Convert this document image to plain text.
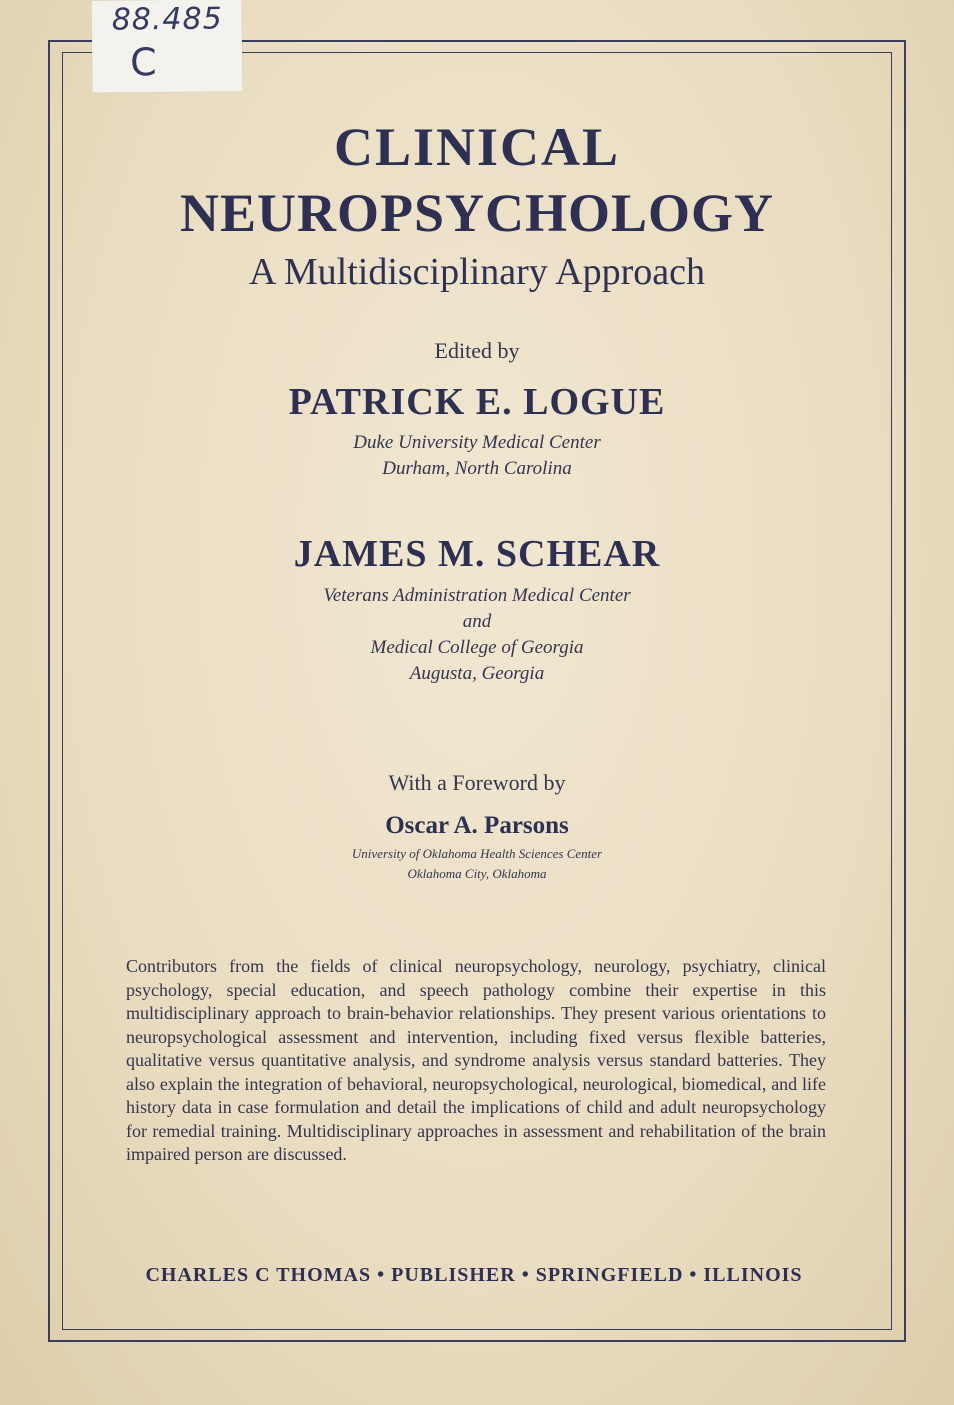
88.485
C
CLINICAL
NEUROPSYCHOLOGY
A Multidisciplinary Approach
Edited by
PATRICK E. LOGUE
Duke University Medical Center
Durham, North Carolina
JAMES M. SCHEAR
Veterans Administration Medical Center
and
Medical College of Georgia
Augusta, Georgia
With a Foreword by
Oscar A. Parsons
University of Oklahoma Health Sciences Center
Oklahoma City, Oklahoma
Contributors from the fields of clinical neuropsychology, neurology, psychiatry, clinical psychology, special education, and speech pathology combine their expertise in this multidisciplinary approach to brain-behavior relationships. They present various orientations to neuropsychological assessment and intervention, including fixed versus flexible batteries, qualitative versus quantitative analysis, and syndrome analysis versus standard batteries. They also explain the integration of behavioral, neuropsychological, neurological, biomedical, and life history data in case formulation and detail the implications of child and adult neuropsychology for remedial training. Multidisciplinary approaches in assessment and rehabilitation of the brain impaired person are discussed.
CHARLES C THOMAS • PUBLISHER • SPRINGFIELD • ILLINOIS
